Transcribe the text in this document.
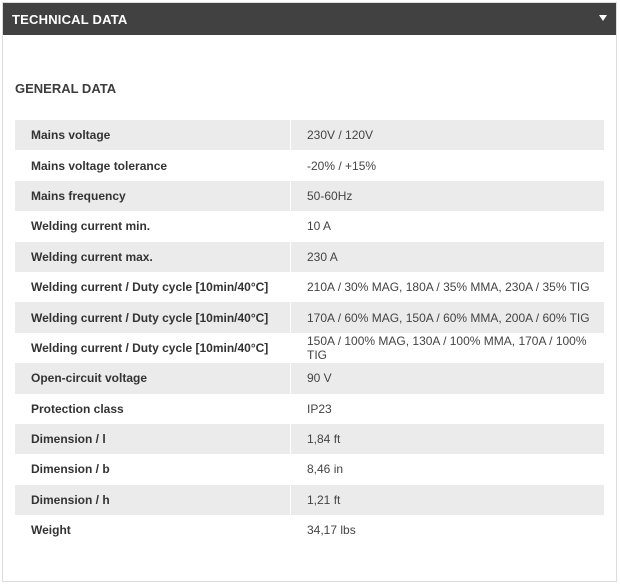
TECHNICAL DATA
GENERAL DATA
Mains voltage	230V / 120V
Mains voltage tolerance	-20% / +15%
Mains frequency	50-60Hz
Welding current min.	10 A
Welding current max.	230 A
Welding current / Duty cycle [10min/40°C]	210A / 30% MAG, 180A / 35% MMA, 230A / 35% TIG
Welding current / Duty cycle [10min/40°C]	170A / 60% MAG, 150A / 60% MMA, 200A / 60% TIG
Welding current / Duty cycle [10min/40°C]	150A / 100% MAG, 130A / 100% MMA, 170A / 100% TIG
Open-circuit voltage	90 V
Protection class	IP23
Dimension / l	1,84 ft
Dimension / b	8,46 in
Dimension / h	1,21 ft
Weight	34,17 lbs
